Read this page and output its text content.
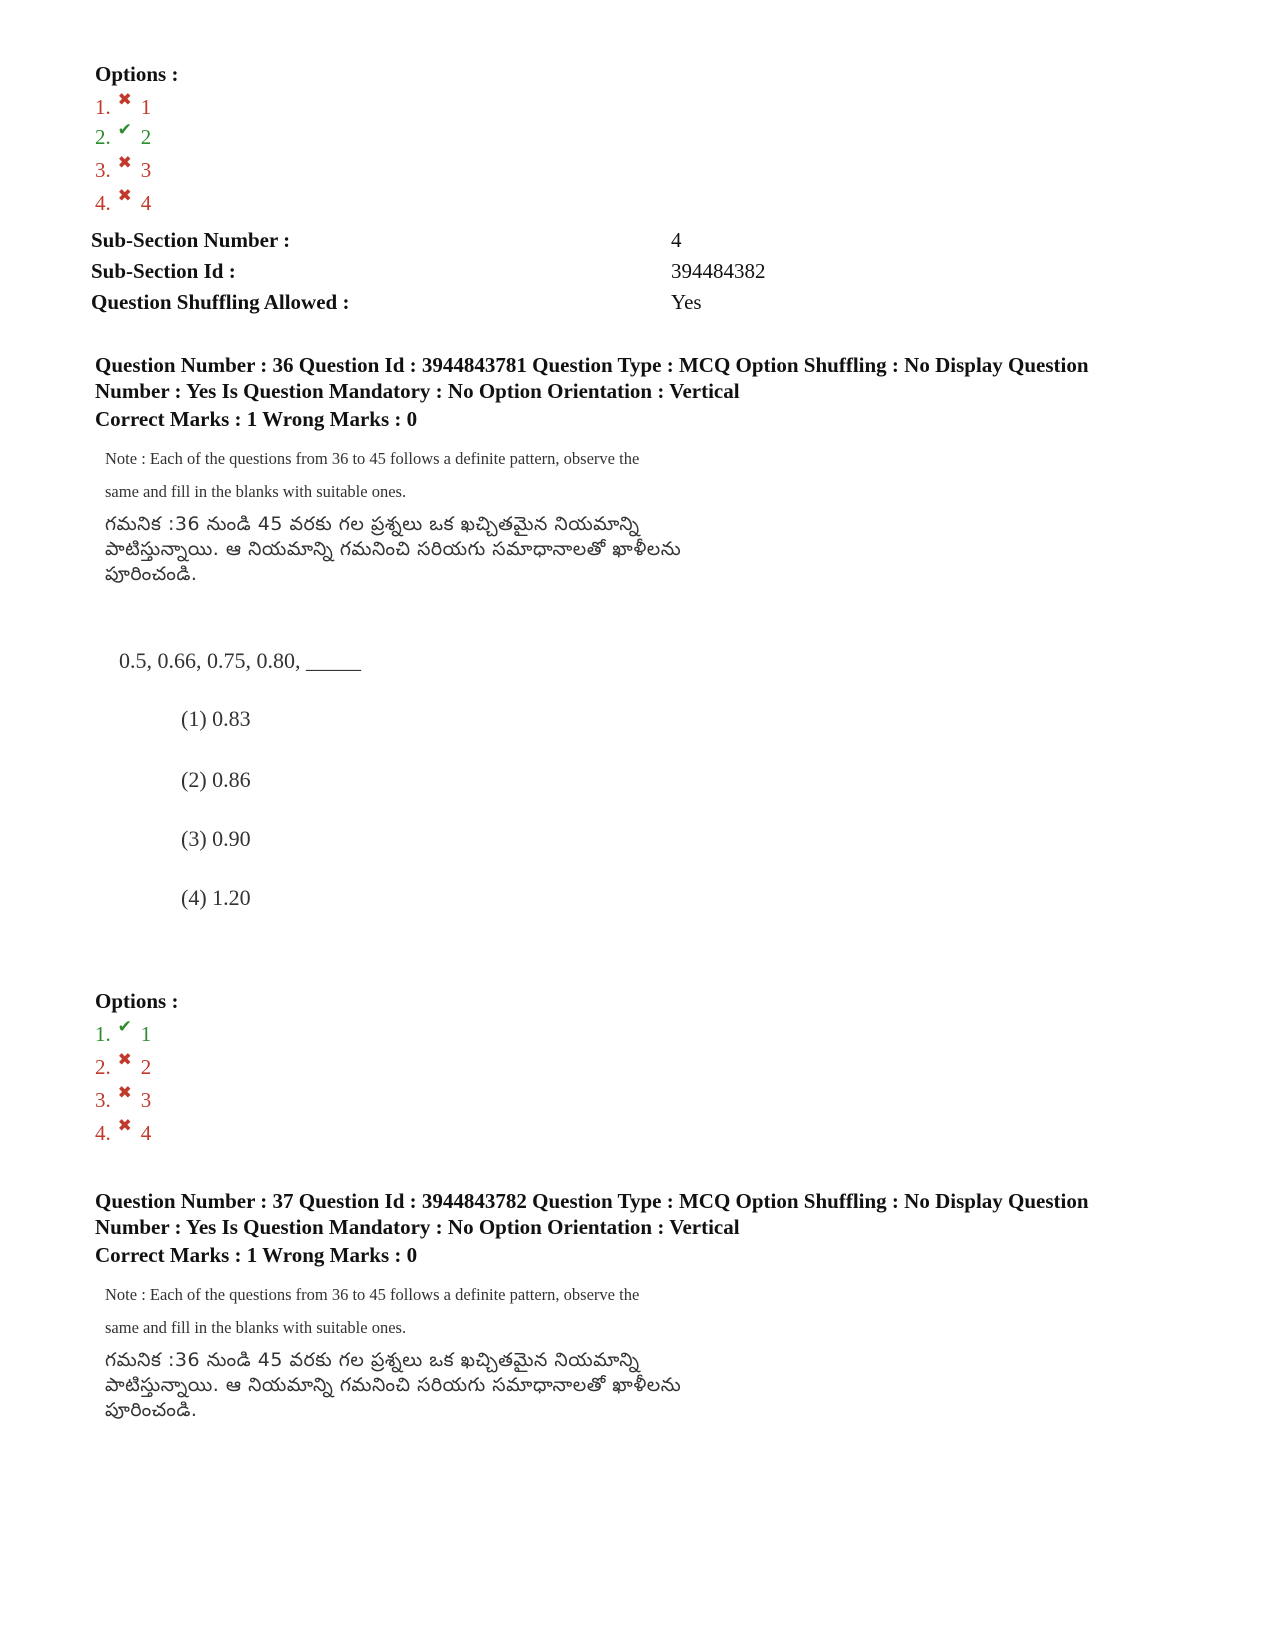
Options :
1. ✖ 1
2. ✔ 2
3. ✖ 3
4. ✖ 4
Sub-Section Number :	4
Sub-Section Id :	394484382
Question Shuffling Allowed :	Yes
Question Number : 36 Question Id : 3944843781 Question Type : MCQ Option Shuffling : No Display Question
Number : Yes Is Question Mandatory : No Option Orientation : Vertical
Correct Marks : 1 Wrong Marks : 0
Note : Each of the questions from 36 to 45 follows a definite pattern, observe the
same and fill in the blanks with suitable ones.
గమనిక :36 నుండి 45 వరకు గల ప్రశ్నలు ఒక ఖచ్చితమైన నియమాన్ని
పాటిస్తున్నాయి. ఆ నియమాన్ని గమనించి సరియగు సమాధానాలతో ఖాళీలను
పూరించండి.
0.5, 0.66, 0.75, 0.80, _____
(1) 0.83
(2) 0.86
(3) 0.90
(4) 1.20
Options :
1. ✔ 1
2. ✖ 2
3. ✖ 3
4. ✖ 4
Question Number : 37 Question Id : 3944843782 Question Type : MCQ Option Shuffling : No Display Question
Number : Yes Is Question Mandatory : No Option Orientation : Vertical
Correct Marks : 1 Wrong Marks : 0
Note : Each of the questions from 36 to 45 follows a definite pattern, observe the
same and fill in the blanks with suitable ones.
గమనిక :36 నుండి 45 వరకు గల ప్రశ్నలు ఒక ఖచ్చితమైన నియమాన్ని
పాటిస్తున్నాయి. ఆ నియమాన్ని గమనించి సరియగు సమాధానాలతో ఖాళీలను
పూరించండి.
